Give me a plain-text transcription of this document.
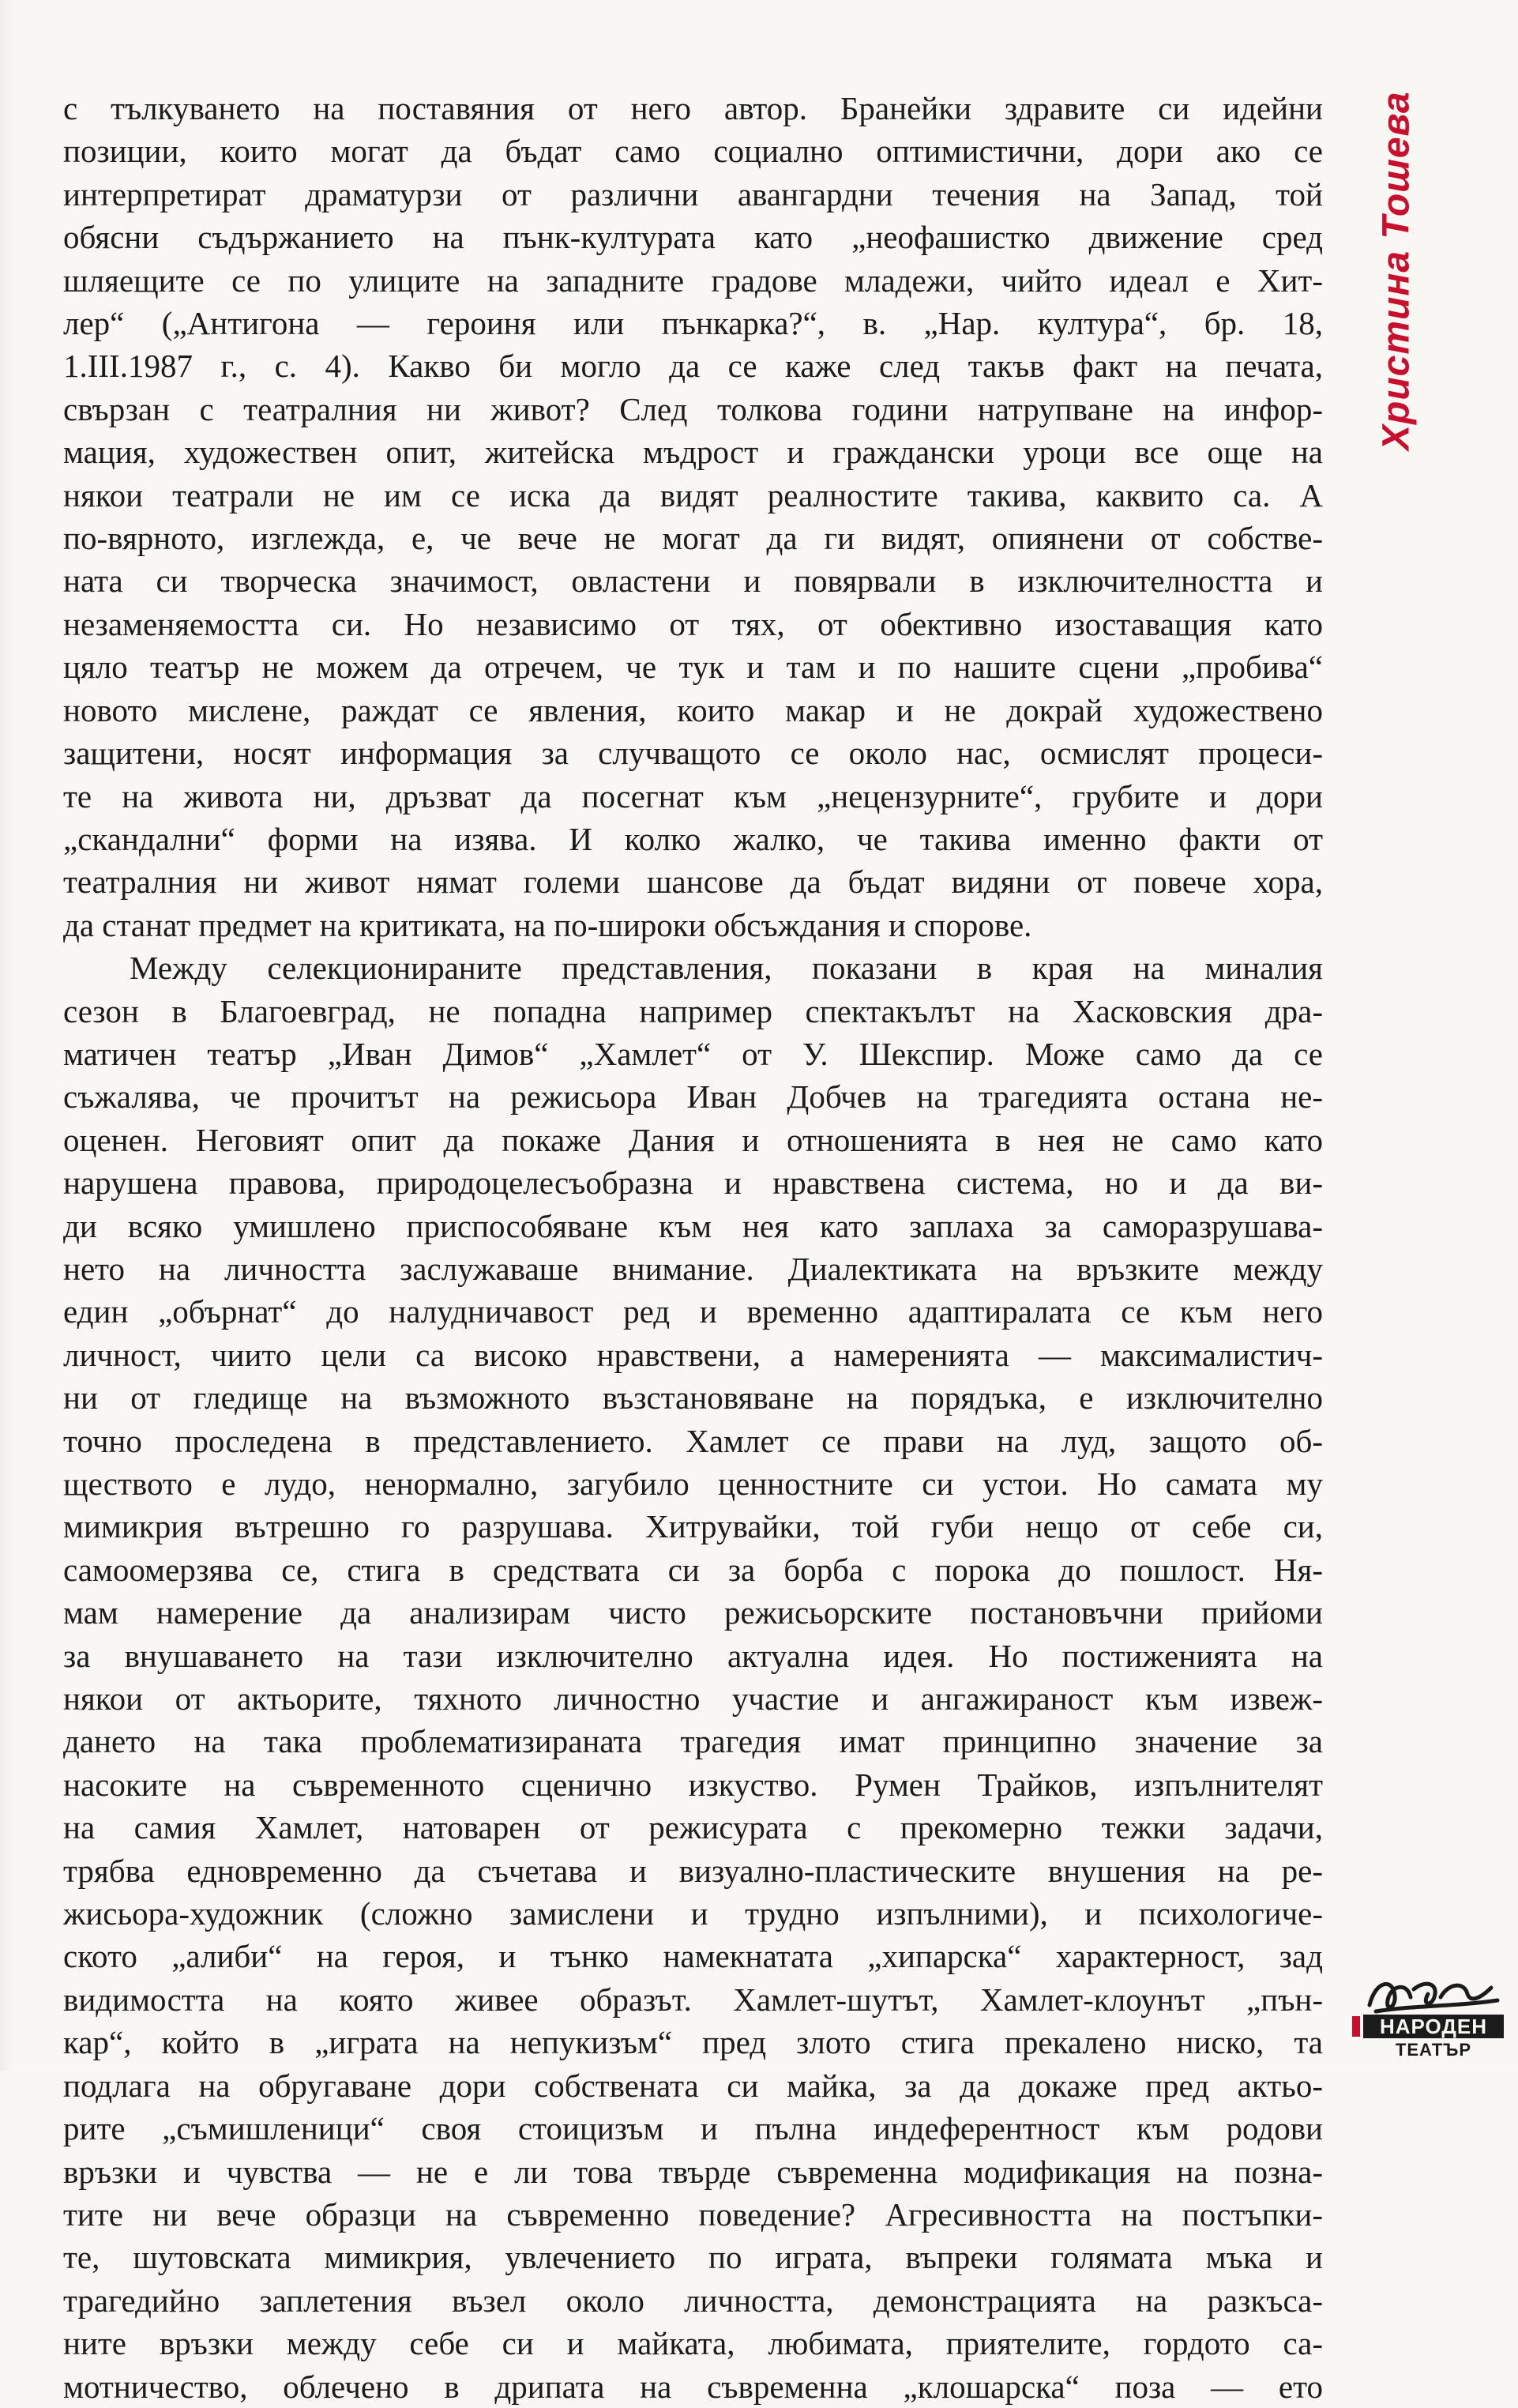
с тълкуването на поставяния от него автор. Бранейки здравите си идейни

позиции, които могат да бъдат само социално оптимистични, дори ако се

интерпретират драматурзи от различни авангардни течения на Запад, той

обясни съдържанието на пънк-културата като „неофашистко движение сред

шляещите се по улиците на западните градове младежи, чийто идеал е Хит-

лер“ („Антигона — героиня или пънкарка?“, в. „Нар. култура“, бр. 18,

1.III.1987 г., с. 4). Какво би могло да се каже след такъв факт на печата,

свързан с театралния ни живот? След толкова години натрупване на инфор-

мация, художествен опит, житейска мъдрост и граждански уроци все още на

някои театрали не им се иска да видят реалностите такива, каквито са. А

по-вярното, изглежда, е, че вече не могат да ги видят, опиянени от собстве-

ната си творческа значимост, овластени и повярвали в изключителността и

незаменяемостта си. Но независимо от тях, от обективно изоставащия като

цяло театър не можем да отречем, че тук и там и по нашите сцени „пробива“

новото мислене, раждат се явления, които макар и не докрай художествено

защитени, носят информация за случващото се около нас, осмислят процеси-

те на живота ни, дръзват да посегнат към „нецензурните“, грубите и дори

„скандални“ форми на изява. И колко жалко, че такива именно факти от

театралния ни живот нямат големи шансове да бъдат видяни от повече хора,

да станат предмет на критиката, на по-широки обсъждания и спорове.

Между селекционираните представления, показани в края на миналия

сезон в Благоевград, не попадна например спектакълът на Хасковския дра-

матичен театър „Иван Димов“ „Хамлет“ от У. Шекспир. Може само да се

съжалява, че прочитът на режисьора Иван Добчев на трагедията остана не-

оценен. Неговият опит да покаже Дания и отношенията в нея не само като

нарушена правова, природоцелесъобразна и нравствена система, но и да ви-

ди всяко умишлено приспособяване към нея като заплаха за саморазрушава-

нето на личността заслужаваше внимание. Диалектиката на връзките между

един „обърнат“ до налудничавост ред и временно адаптиралата се към него

личност, чиито цели са високо нравствени, а намеренията — максималистич-

ни от гледище на възможното възстановяване на порядъка, е изключително

точно проследена в представлението. Хамлет се прави на луд, защото об-

ществото е лудо, ненормално, загубило ценностните си устои. Но самата му

мимикрия вътрешно го разрушава. Хитрувайки, той губи нещо от себе си,

самоомерзява се, стига в средствата си за борба с порока до пошлост. Ня-

мам намерение да анализирам чисто режисьорските постановъчни прийоми

за внушаването на тази изключително актуална идея. Но постиженията на

някои от актьорите, тяхното личностно участие и ангажираност към извеж-

дането на така проблематизираната трагедия имат принципно значение за

насоките на съвременното сценично изкуство. Румен Трайков, изпълнителят

на самия Хамлет, натоварен от режисурата с прекомерно тежки задачи,

трябва едновременно да съчетава и визуално-пластическите внушения на ре-

жисьора-художник (сложно замислени и трудно изпълними), и психологиче-

ското „алиби“ на героя, и тънко намекнатата „хипарска“ характерност, зад

видимостта на която живее образът. Хамлет-шутът, Хамлет-клоунът „пън-

кар“, който в „играта на непукизъм“ пред злото стига прекалено ниско, та

подлага на обругаване дори собствената си майка, за да докаже пред актьо-

рите „съмишленици“ своя стоицизъм и пълна индеферентност към родови

връзки и чувства — не е ли това твърде съвременна модификация на позна-

тите ни вече образци на съвременно поведение? Агресивността на постъпки-

те, шутовската мимикрия, увлечението по играта, въпреки голямата мъка и

трагедийно заплетения възел около личността, демонстрацията на разкъса-

ните връзки между себе си и майката, любимата, приятелите, гордото са-

мотничество, облечено в дрипата на съвременна „клошарска“ поза — ето

Христина Тошева
НАРОДЕН
ТЕАТЪР
